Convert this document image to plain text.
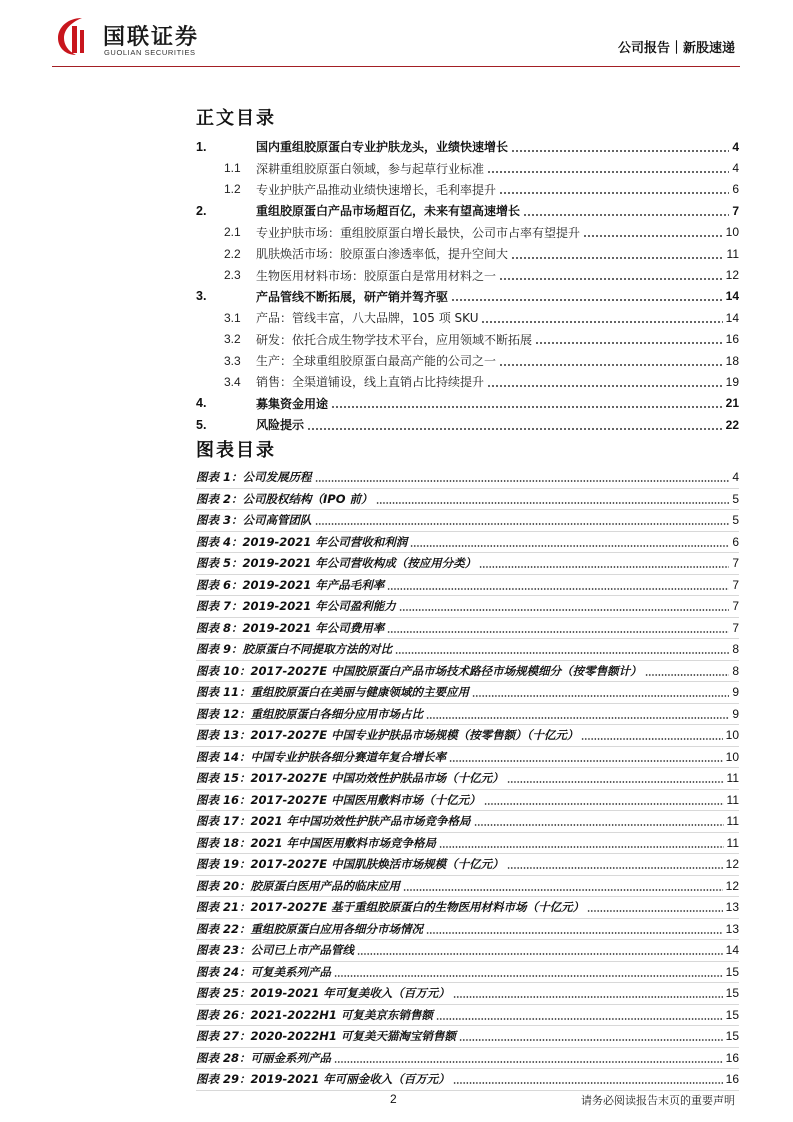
国联证券
GUOLIAN SECURITIES	公司报告｜新股速递
正文目录
1.	国内重组胶原蛋白专业护肤龙头，业绩快速增长	4
1.1	深耕重组胶原蛋白领域，参与起草行业标准	4
1.2	专业护肤产品推动业绩快速增长，毛利率提升	6
2.	重组胶原蛋白产品市场超百亿，未来有望高速增长	7
2.1	专业护肤市场：重组胶原蛋白增长最快，公司市占率有望提升	10
2.2	肌肤焕活市场：胶原蛋白渗透率低，提升空间大	11
2.3	生物医用材料市场：胶原蛋白是常用材料之一	12
3.	产品管线不断拓展，研产销并驾齐驱	14
3.1	产品：管线丰富，八大品牌，105 项 SKU	14
3.2	研发：依托合成生物学技术平台，应用领域不断拓展	16
3.3	生产：全球重组胶原蛋白最高产能的公司之一	18
3.4	销售：全渠道铺设，线上直销占比持续提升	19
4.	募集资金用途	21
5.	风险提示	22
图表目录
图表 1：公司发展历程	4
图表 2：公司股权结构（IPO 前）	5
图表 3：公司高管团队	5
图表 4：2019-2021 年公司营收和利润	6
图表 5：2019-2021 年公司营收构成（按应用分类）	7
图表 6：2019-2021 年产品毛利率	7
图表 7：2019-2021 年公司盈利能力	7
图表 8：2019-2021 年公司费用率	7
图表 9：胶原蛋白不同提取方法的对比	8
图表 10：2017-2027E 中国胶原蛋白产品市场技术路径市场规模细分（按零售额计）	8
图表 11：重组胶原蛋白在美丽与健康领域的主要应用	9
图表 12：重组胶原蛋白各细分应用市场占比	9
图表 13：2017-2027E 中国专业护肤品市场规模（按零售额）（十亿元）	10
图表 14：中国专业护肤各细分赛道年复合增长率	10
图表 15：2017-2027E 中国功效性护肤品市场（十亿元）	11
图表 16：2017-2027E 中国医用敷料市场（十亿元）	11
图表 17：2021 年中国功效性护肤产品市场竞争格局	11
图表 18：2021 年中国医用敷料市场竞争格局	11
图表 19：2017-2027E 中国肌肤焕活市场规模（十亿元）	12
图表 20：胶原蛋白医用产品的临床应用	12
图表 21：2017-2027E 基于重组胶原蛋白的生物医用材料市场（十亿元）	13
图表 22：重组胶原蛋白应用各细分市场情况	13
图表 23：公司已上市产品管线	14
图表 24：可复美系列产品	15
图表 25：2019-2021 年可复美收入（百万元）	15
图表 26：2021-2022H1 可复美京东销售额	15
图表 27：2020-2022H1 可复美天猫淘宝销售额	15
图表 28：可丽金系列产品	16
图表 29：2019-2021 年可丽金收入（百万元）	16
2	请务必阅读报告末页的重要声明
